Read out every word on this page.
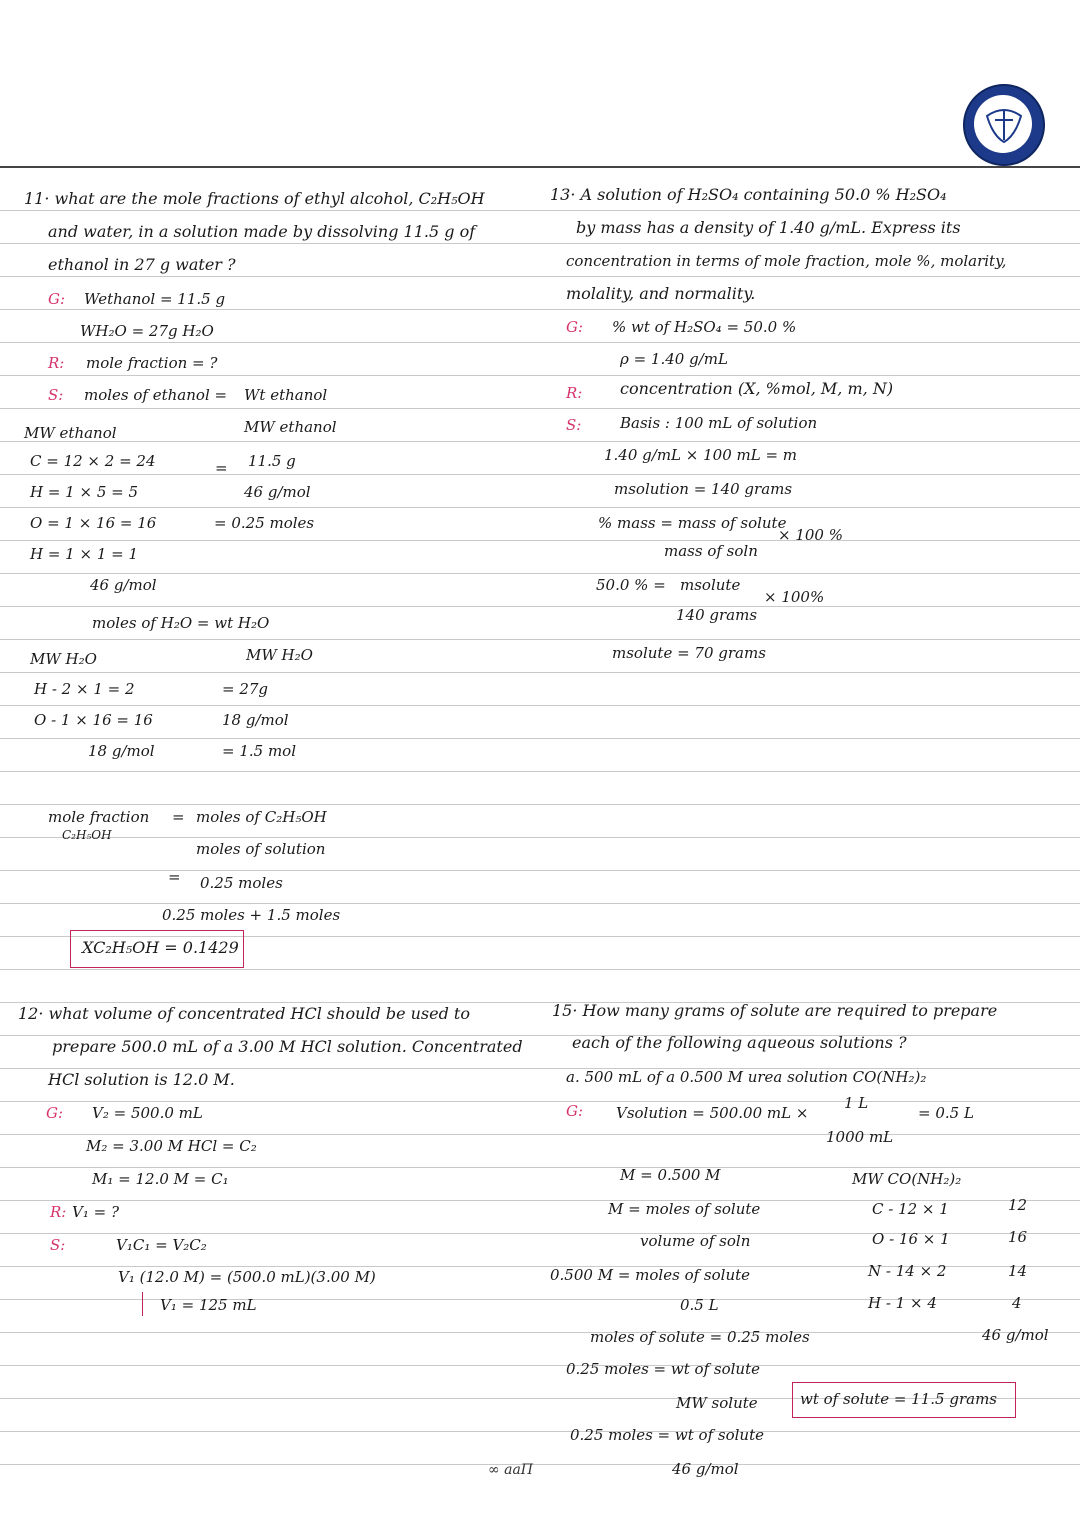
11· what are the mole fractions of ethyl alcohol, C₂H₅OH
and water, in a solution made by dissolving 11.5 g of
ethanol in 27 g water ?
G: Wethanol = 11.5 g
WH₂O = 27g H₂O
R: mole fraction = ?
S: moles of ethanol = Wt ethanol
MW ethanol
MW ethanol
C = 12 × 2 = 24
H = 1 × 5 = 5
O = 1 × 16 = 16
H = 1 × 1 = 1
46 g/mol
= 11.5 g
46 g/mol
= 0.25 moles
moles of H₂O = wt H₂O
MW H₂O
MW H₂O
H - 2 × 1 = 2
O - 1 × 16 = 16
18 g/mol
= 27g
18 g/mol
= 1.5 mol
mole fraction
C₂H₅OH
= moles of C₂H₅OH
moles of solution
= 0.25 moles
0.25 moles + 1.5 moles
XC₂H₅OH = 0.1429
12· what volume of concentrated HCl should be used to
prepare 500.0 mL of a 3.00 M HCl solution. Concentrated
HCl solution is 12.0 M.
G: V₂ = 500.0 mL
M₂ = 3.00 M HCl = C₂
M₁ = 12.0 M = C₁
R: V₁ = ?
S:	V₁C₁ = V₂C₂
V₁ (12.0 M) = (500.0 mL)(3.00 M)
V₁ = 125 mL
13· A solution of H₂SO₄ containing 50.0 % H₂SO₄
by mass has a density of 1.40 g/mL. Express its
concentration in terms of mole fraction, mole %, molarity,
molality, and normality.
G: % wt of H₂SO₄ = 50.0 %
ρ = 1.40 g/mL
R: concentration (X, %mol, M, m, N)
S:	Basis : 100 mL of solution
1.40 g/mL × 100 mL = m
msolution = 140 grams
% mass = mass of solute
mass of soln
× 100 %
50.0 % = msolute
140 grams
× 100%
msolute = 70 grams
15· How many grams of solute are required to prepare
each of the following aqueous solutions ?
a. 500 mL of a 0.500 M urea solution CO(NH₂)₂
G: Vsolution = 500.00 mL ×
1 L
1000 mL
= 0.5 L
M = 0.500 M
M = moles of solute
volume of soln
0.500 M = moles of solute
0.5 L
moles of solute = 0.25 moles
0.25 moles = wt of solute
MW solute
0.25 moles = wt of solute
46 g/mol
MW CO(NH₂)₂
C - 12 × 1	12
O - 16 × 1	16
N - 14 × 2	14
H - 1 × 4	4
46 g/mol
wt of solute = 11.5 grams
∞ ааП
